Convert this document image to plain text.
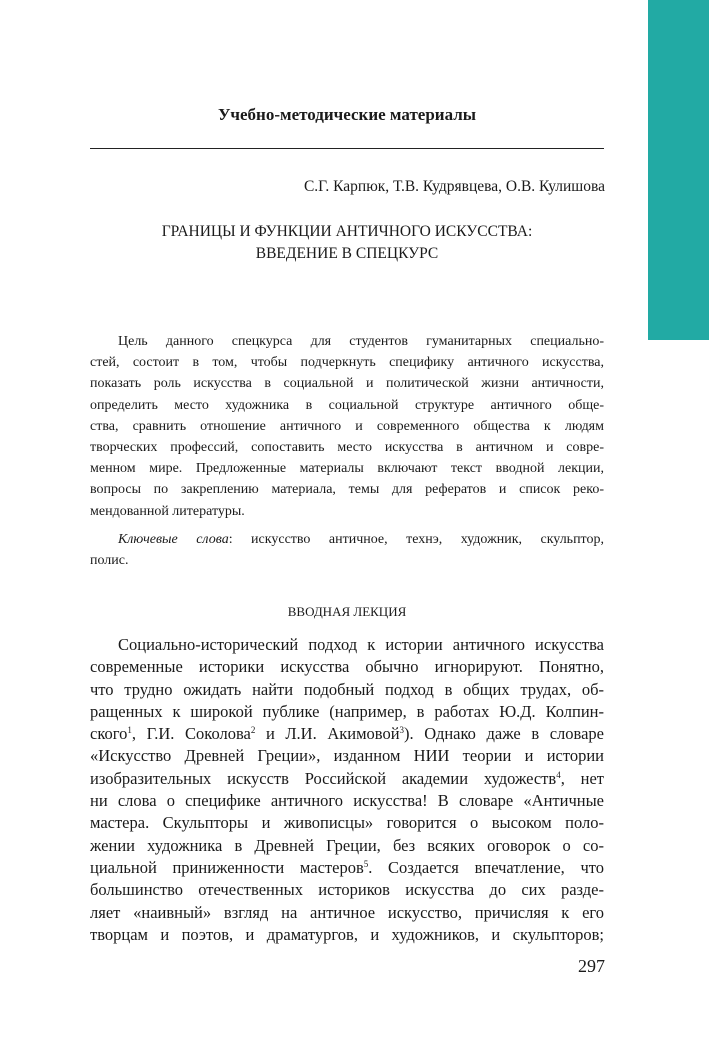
Учебно-методические материалы
С.Г. Карпюк, Т.В. Кудрявцева, О.В. Кулишова
ГРАНИЦЫ И ФУНКЦИИ АНТИЧНОГО ИСКУССТВА:
ВВЕДЕНИЕ В СПЕЦКУРС
Цель данного спецкурса для студентов гуманитарных специально-
стей, состоит в том, чтобы подчеркнуть специфику античного искусства,
показать роль искусства в социальной и политической жизни античности,
определить место художника в социальной структуре античного обще-
ства, сравнить отношение античного и современного общества к людям
творческих профессий, сопоставить место искусства в античном и совре-
менном мире. Предложенные материалы включают текст вводной лекции,
вопросы по закреплению материала, темы для рефератов и список реко-
мендованной литературы.
Ключевые слова: искусство античное, технэ, художник, скульптор,
полис.
ВВОДНАЯ ЛЕКЦИЯ
Социально-исторический подход к истории античного искусства
современные историки искусства обычно игнорируют. Понятно,
что трудно ожидать найти подобный подход в общих трудах, об-
ращенных к широкой публике (например, в работах Ю.Д. Колпин-
ского$^1$, Г.И. Соколова$^2$ и Л.И. Акимовой$^3$). Однако даже в словаре
«Искусство Древней Греции», изданном НИИ теории и истории
изобразительных искусств Российской академии художеств$^4$, нет
ни слова о специфике античного искусства! В словаре «Античные
мастера. Скульпторы и живописцы» говорится о высоком поло-
жении художника в Древней Греции, без всяких оговорок о со-
циальной приниженности мастеров$^5$. Создается впечатление, что
большинство отечественных историков искусства до сих разде-
ляет «наивный» взгляд на античное искусство, причисляя к его
творцам и поэтов, и драматургов, и художников, и скульпторов;
297
